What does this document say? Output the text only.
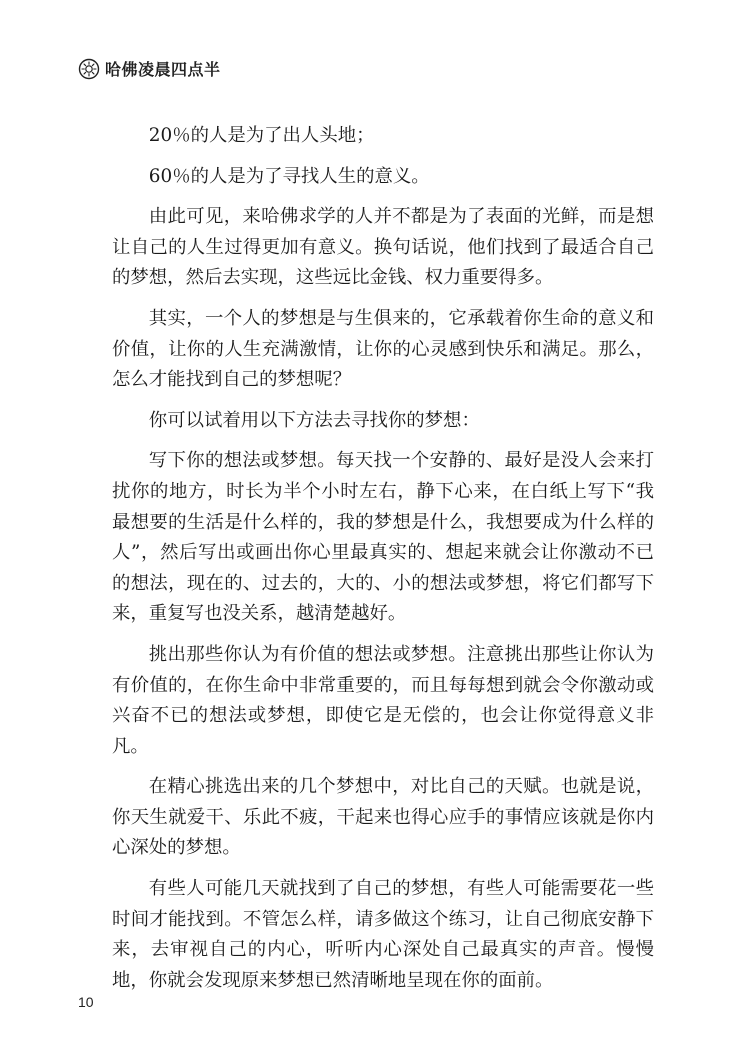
哈佛凌晨四点半

20％的人是为了出人头地；

60％的人是为了寻找人生的意义。

由此可见，来哈佛求学的人并不都是为了表面的光鲜，而是想让自己的人生过得更加有意义。换句话说，他们找到了最适合自己的梦想，然后去实现，这些远比金钱、权力重要得多。

其实，一个人的梦想是与生俱来的，它承载着你生命的意义和价值，让你的人生充满激情，让你的心灵感到快乐和满足。那么，怎么才能找到自己的梦想呢？

你可以试着用以下方法去寻找你的梦想：

写下你的想法或梦想。每天找一个安静的、最好是没人会来打扰你的地方，时长为半个小时左右，静下心来，在白纸上写下“我最想要的生活是什么样的，我的梦想是什么，我想要成为什么样的人”，然后写出或画出你心里最真实的、想起来就会让你激动不已的想法，现在的、过去的，大的、小的想法或梦想，将它们都写下来，重复写也没关系，越清楚越好。

挑出那些你认为有价值的想法或梦想。注意挑出那些让你认为有价值的，在你生命中非常重要的，而且每每想到就会令你激动或兴奋不已的想法或梦想，即使它是无偿的，也会让你觉得意义非凡。

在精心挑选出来的几个梦想中，对比自己的天赋。也就是说，你天生就爱干、乐此不疲，干起来也得心应手的事情应该就是你内心深处的梦想。

有些人可能几天就找到了自己的梦想，有些人可能需要花一些时间才能找到。不管怎么样，请多做这个练习，让自己彻底安静下来，去审视自己的内心，听听内心深处自己最真实的声音。慢慢地，你就会发现原来梦想已然清晰地呈现在你的面前。

10
